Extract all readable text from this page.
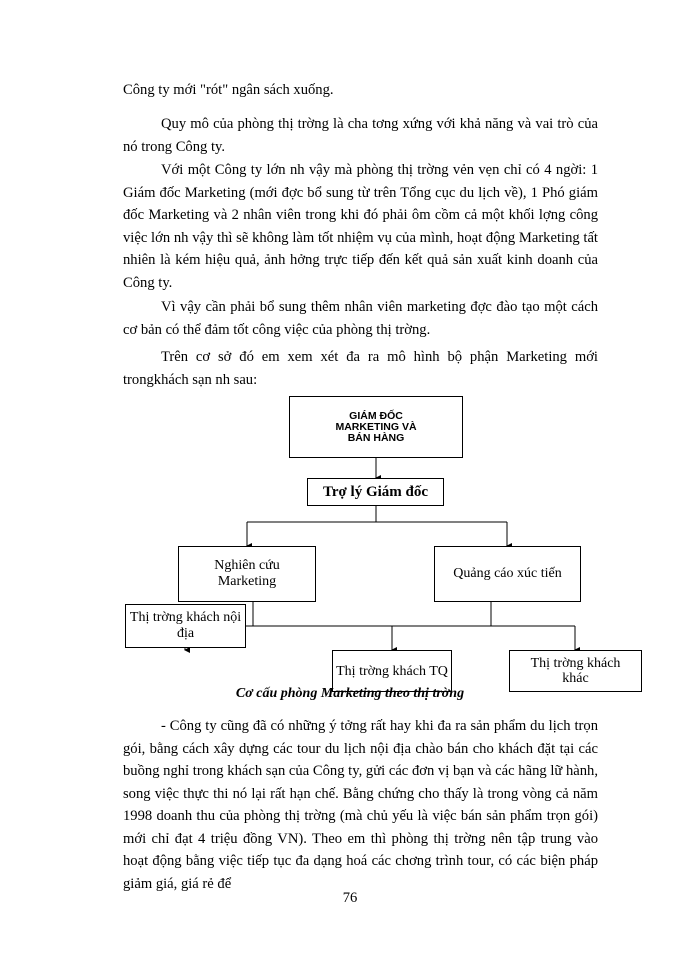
Công ty mới "rót" ngân sách xuống.

Quy mô của phòng thị trờng là cha tơng xứng với khả năng và vai trò của nó trong Công ty.

Với một Công ty lớn nh vậy mà phòng thị trờng vẻn vẹn chỉ có 4 ngời: 1 Giám đốc Marketing (mới đợc bổ sung từ trên Tổng cục du lịch về), 1 Phó giám đốc Marketing và 2 nhân viên trong khi đó phải ôm cồm cả một khối lợng công việc lớn nh vậy thì sẽ không làm tốt nhiệm vụ của mình, hoạt động Marketing tất nhiên là kém hiệu quả, ảnh hởng trực tiếp đến kết quả sản xuất kinh doanh của Công ty.

Vì vậy cần phải bổ sung thêm nhân viên marketing đợc đào tạo một cách cơ bản có thể đảm tốt công việc của phòng thị trờng.

Trên cơ sở đó em xem xét đa ra mô hình bộ phận Marketing mới trongkhách sạn nh sau:

GIÁM ĐỐC MARKETING VÀ BÁN HÀNG
Trợ lý Giám đốc
Nghiên cứu Marketing
Quảng cáo xúc tiến
Thị trờng khách nội địa
Thị trờng khách TQ	Thị trờng khách khác
Cơ cấu phòng Marketing theo thị trờng

- Công ty cũng đã có những ý tởng rất hay khi đa ra sản phẩm du lịch trọn gói, bằng cách xây dựng các tour du lịch nội địa chào bán cho khách đặt tại các buồng nghỉ trong khách sạn của Công ty, gửi các đơn vị bạn và các hãng lữ hành, song việc thực thi nó lại rất hạn chế. Bằng chứng cho thấy là trong vòng cả năm 1998 doanh thu của phòng thị trờng (mà chủ yếu là việc bán sản phẩm trọn gói) mới chỉ đạt 4 triệu đồng VN). Theo em thì phòng thị trờng nên tập trung vào hoạt động bằng việc tiếp tục đa dạng hoá các chơng trình tour, có các biện pháp giảm giá, giá rẻ để

76
